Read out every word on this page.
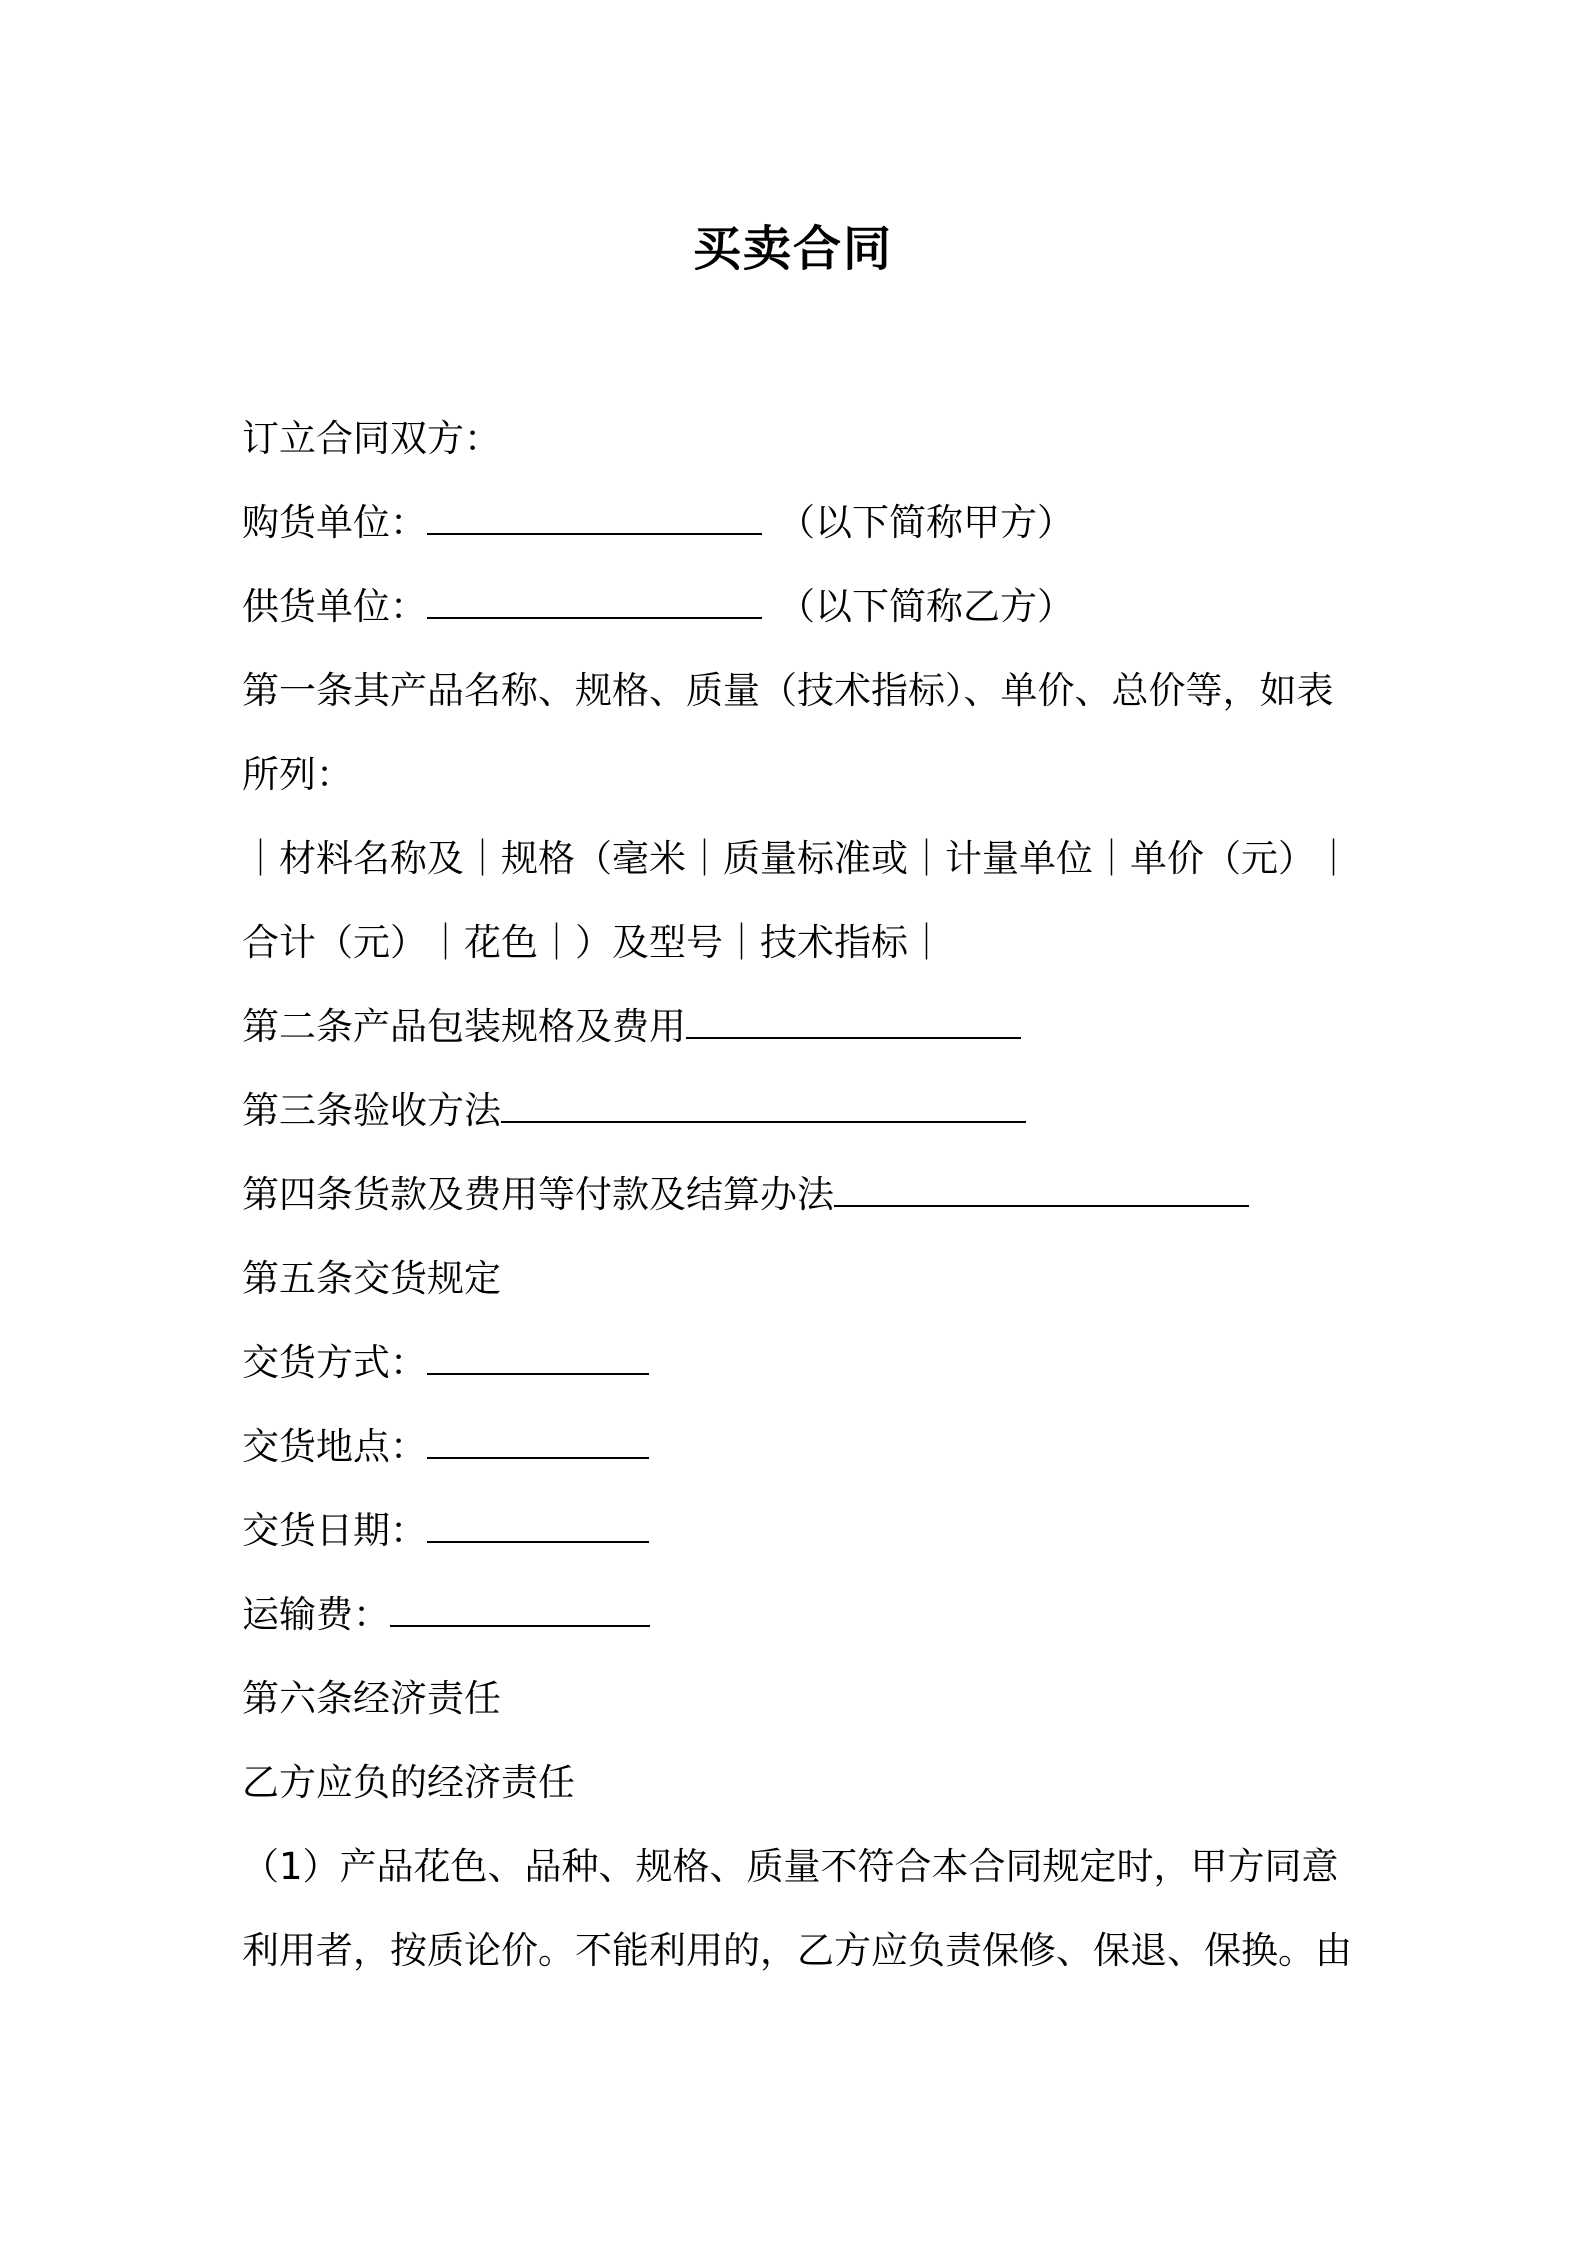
买卖合同
订立合同双方：
购货单位：	（以下简称甲方）
供货单位：	（以下简称乙方）
第一条其产品名称、规格、质量（技术指标）、单价、总价等，如表
所列：
｜材料名称及｜规格（毫米｜质量标准或｜计量单位｜单价（元）｜
合计（元）｜花色｜）及型号｜技术指标｜
第二条产品包装规格及费用
第三条验收方法
第四条货款及费用等付款及结算办法
第五条交货规定
交货方式：
交货地点：
交货日期：
运输费：
第六条经济责任
乙方应负的经济责任
（1）产品花色、品种、规格、质量不符合本合同规定时，甲方同意
利用者，按质论价。不能利用的，乙方应负责保修、保退、保换。由
